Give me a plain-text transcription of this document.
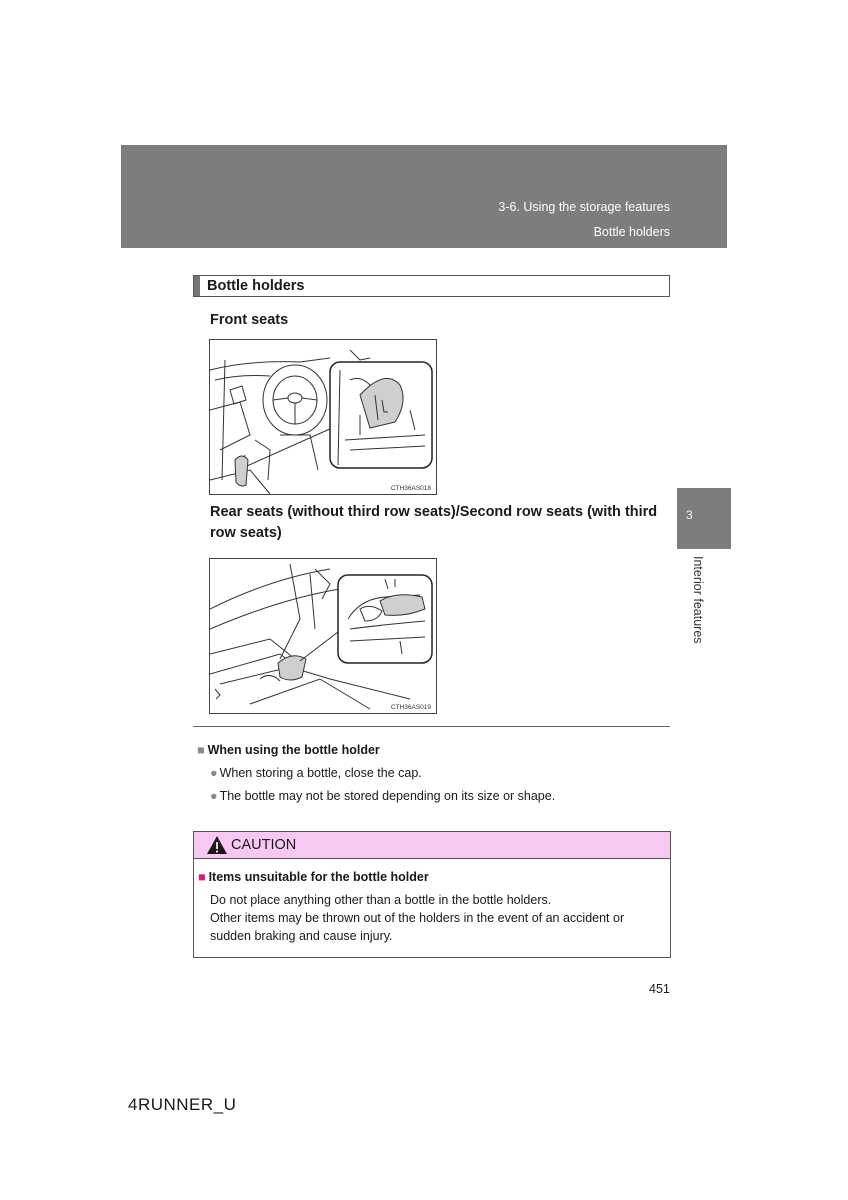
3-6. Using the storage features
Bottle holders
3
Interior features
Bottle holders
Front seats
CTH36AS018
Rear seats (without third row seats)/Second row seats (with third row seats)
CTH36AS019
■ When using the bottle holder
● When storing a bottle, close the cap.
● The bottle may not be stored depending on its size or shape.
CAUTION
■ Items unsuitable for the bottle holder
Do not place anything other than a bottle in the bottle holders.
Other items may be thrown out of the holders in the event of an accident or sudden braking and cause injury.
451
4RUNNER_U
